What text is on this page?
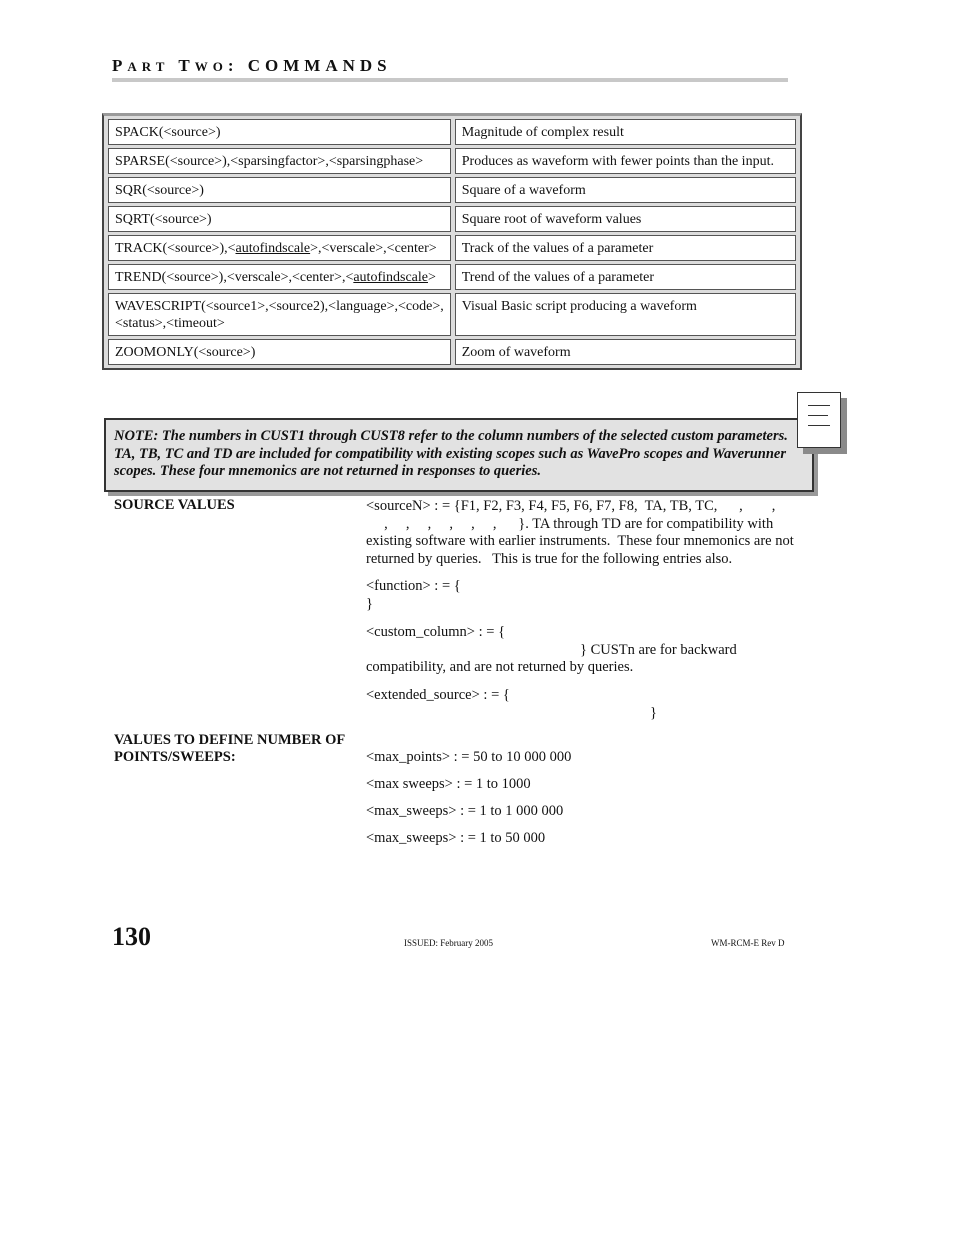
PART TWO: COMMANDS
SPACK(<source>)	Magnitude of complex result
SPARSE(<source>),<sparsingfactor>,<sparsingphase>	Produces as waveform with fewer points than the input.
SQR(<source>)	Square of a waveform
SQRT(<source>)	Square root of waveform values
TRACK(<source>),<autofindscale>,<verscale>,<center>	Track of the values of a parameter
TREND(<source>),<verscale>,<center>,<autofindscale>	Trend of the values of a parameter
WAVESCRIPT(<source1>,<source2),<language>,<code>,<status>,<timeout>	Visual Basic script producing a waveform
ZOOMONLY(<source>)	Zoom of waveform
NOTE: The numbers in CUST1 through CUST8 refer to the column numbers of the selected custom parameters. TA, TB, TC and TD are included for compatibility with existing scopes such as WavePro scopes and Waverunner scopes. These four mnemonics are not returned in responses to queries.
SOURCE VALUES	<sourceN> : = {F1, F2, F3, F4, F5, F6, F7, F8,  TA, TB, TC,      ,        ,
,     ,     ,     ,     ,     ,      }. TA through TD are for compatibility with existing software with earlier instruments.  These four mnemonics are not returned by queries.   This is true for the following entries also.
<function> : = {
}
<custom_column> : = {
} CUSTn are for backward
compatibility, and are not returned by queries.
<extended_source> : = {
}
VALUES TO DEFINE NUMBER OF POINTS/SWEEPS:	<max_points> : = 50 to 10 000 000
<max sweeps> : = 1 to 1000
<max_sweeps> : = 1 to 1 000 000
<max_sweeps> : = 1 to 50 000
130	ISSUED: February 2005	WM-RCM-E Rev D
